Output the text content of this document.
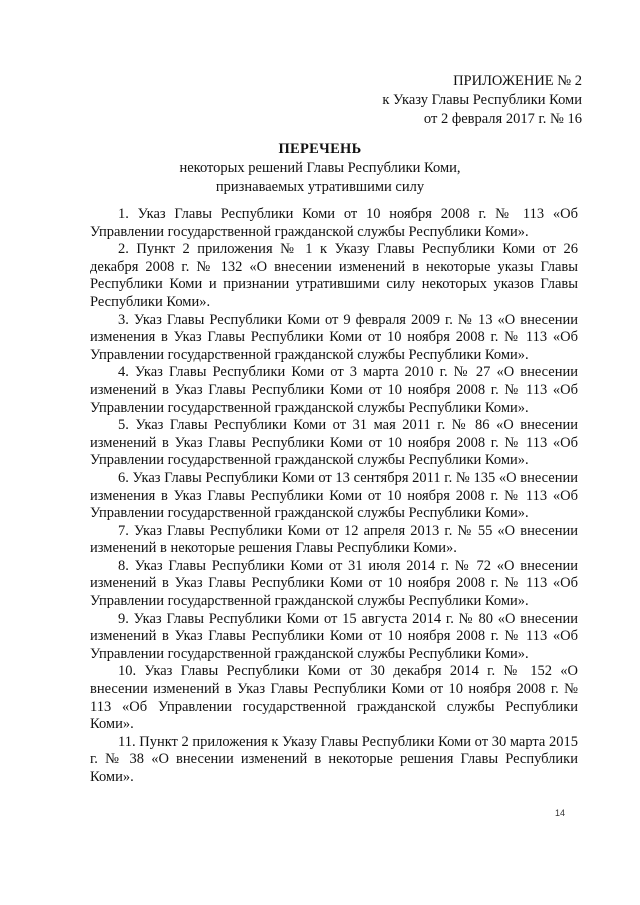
ПРИЛОЖЕНИЕ № 2
к Указу Главы Республики Коми
от 2 февраля 2017 г. № 16
ПЕРЕЧЕНЬ
некоторых решений Главы Республики Коми,
признаваемых утратившими силу

1. Указ Главы Республики Коми от 10 ноября 2008 г. № 113 «Об Управлении государственной гражданской службы Республики Коми».

2. Пункт 2 приложения № 1 к Указу Главы Республики Коми от 26 декабря 2008 г. № 132 «О внесении изменений в некоторые указы Главы Республики Коми и признании утратившими силу некоторых указов Главы Республики Коми».

3. Указ Главы Республики Коми от 9 февраля 2009 г. № 13 «О внесении изменения в Указ Главы Республики Коми от 10 ноября 2008 г. № 113 «Об Управлении государственной гражданской службы Республики Коми».

4. Указ Главы Республики Коми от 3 марта 2010 г. № 27 «О внесении изменений в Указ Главы Республики Коми от 10 ноября 2008 г. № 113 «Об Управлении государственной гражданской службы Республики Коми».

5. Указ Главы Республики Коми от 31 мая 2011 г. № 86 «О внесении изменений в Указ Главы Республики Коми от 10 ноября 2008 г. № 113 «Об Управлении государственной гражданской службы Республики Коми».

6. Указ Главы Республики Коми от 13 сентября 2011 г. № 135 «О внесении изменения в Указ Главы Республики Коми от 10 ноября 2008 г. № 113 «Об Управлении государственной гражданской службы Республики Коми».

7. Указ Главы Республики Коми от 12 апреля 2013 г. № 55 «О внесении изменений в некоторые решения Главы Республики Коми».

8. Указ Главы Республики Коми от 31 июля 2014 г. № 72 «О внесении изменений в Указ Главы Республики Коми от 10 ноября 2008 г. № 113 «Об Управлении государственной гражданской службы Республики Коми».

9. Указ Главы Республики Коми от 15 августа 2014 г. № 80 «О внесении изменений в Указ Главы Республики Коми от 10 ноября 2008 г. № 113 «Об Управлении государственной гражданской службы Республики Коми».

10. Указ Главы Республики Коми от 30 декабря 2014 г. № 152 «О внесении изменений в Указ Главы Республики Коми от 10 ноября 2008 г. № 113 «Об Управлении государственной гражданской службы Республики Коми».

11. Пункт 2 приложения к Указу Главы Республики Коми от 30 марта 2015 г. № 38 «О внесении изменений в некоторые решения Главы Республики Коми».

14
